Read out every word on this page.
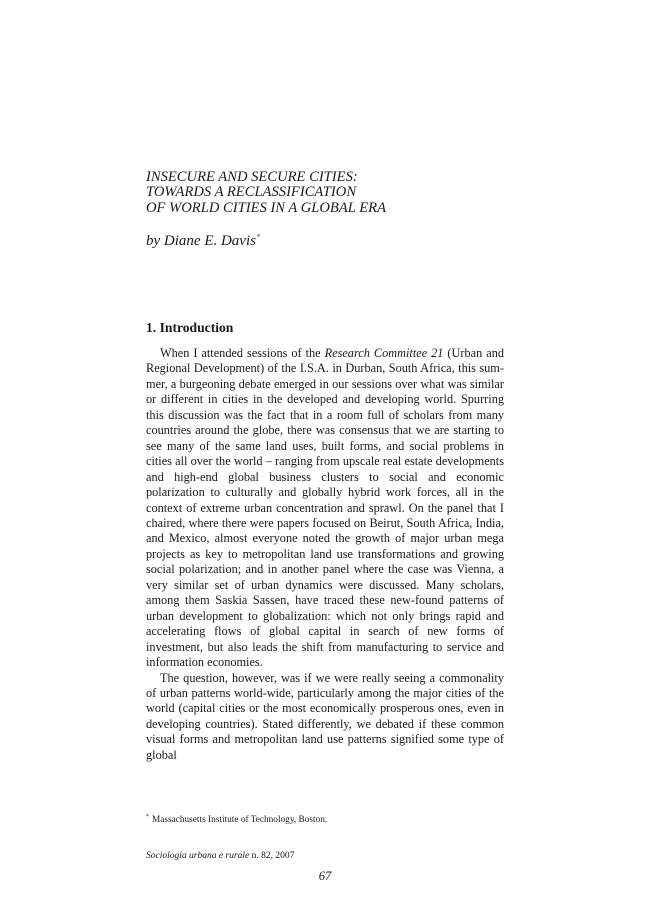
INSECURE AND SECURE CITIES:
TOWARDS A RECLASSIFICATION
OF WORLD CITIES IN A GLOBAL ERA

by Diane E. Davis*

1. Introduction

When I attended sessions of the Research Committee 21 (Urban and Regional Development) of the I.S.A. in Durban, South Africa, this summer, a burgeoning debate emerged in our sessions over what was similar or different in cities in the developed and developing world. Spurring this discussion was the fact that in a room full of scholars from many countries around the globe, there was consensus that we are starting to see many of the same land uses, built forms, and social problems in cities all over the world – ranging from upscale real estate developments and high-end global business clusters to social and economic polarization to culturally and globally hybrid work forces, all in the context of extreme urban concentration and sprawl. On the panel that I chaired, where there were papers focused on Beirut, South Africa, India, and Mexico, almost everyone noted the growth of major urban mega projects as key to metropolitan land use transformations and growing social polarization; and in another panel where the case was Vienna, a very similar set of urban dynamics were discussed. Many scholars, among them Saskia Sassen, have traced these new-found patterns of urban development to globalization: which not only brings rapid and accelerating flows of global capital in search of new forms of investment, but also leads the shift from manufacturing to service and information economies.

The question, however, was if we were really seeing a commonality of urban patterns world-wide, particularly among the major cities of the world (capital cities or the most economically prosperous ones, even in developing countries). Stated differently, we debated if these common visual forms and metropolitan land use patterns signified some type of global

* Massachusetts Institute of Technology, Boston.
Sociologia urbana e rurale n. 82, 2007
67
